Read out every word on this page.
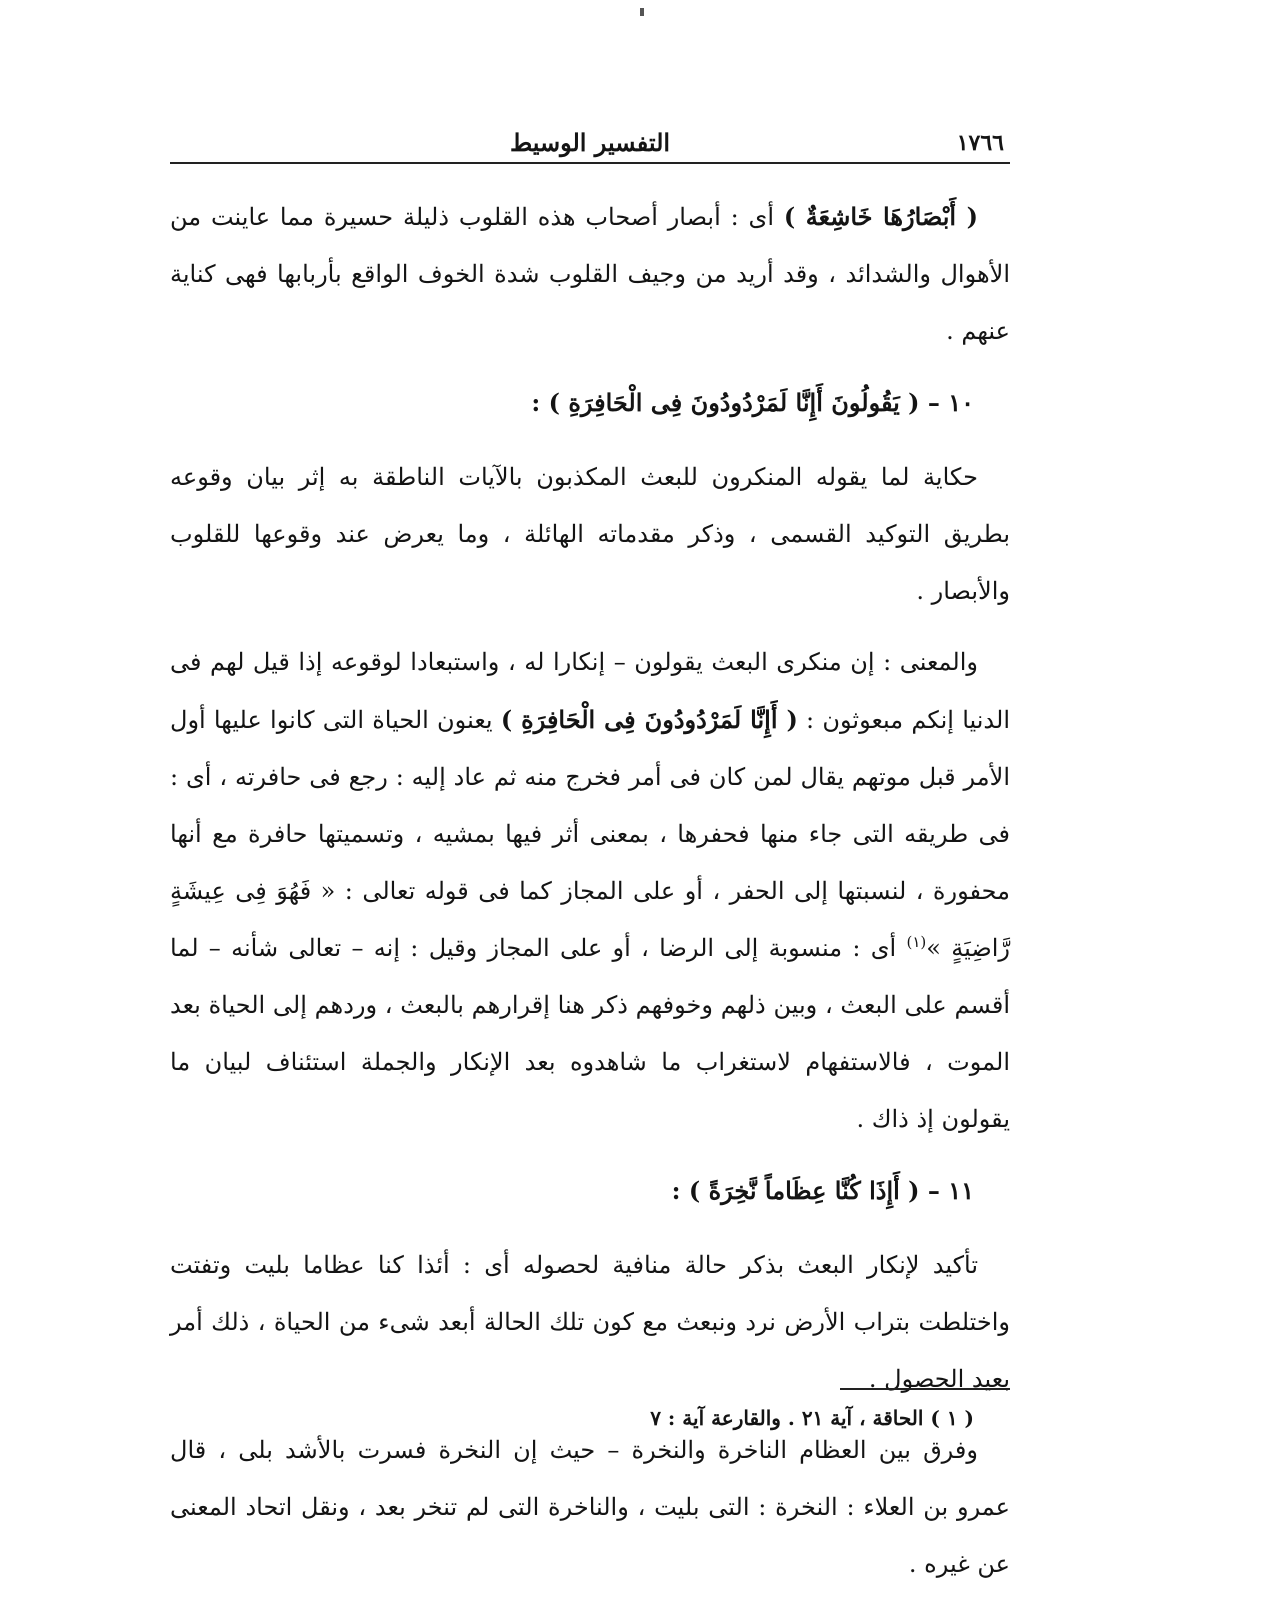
١٧٦٦
التفسير الوسيط

( أَبْصَارُهَا خَاشِعَةٌ ) أى : أبصار أصحاب هذه القلوب ذليلة حسيرة مما عاينت من الأهوال والشدائد ، وقد أريد من وجيف القلوب شدة الخوف الواقع بأربابها فهى كناية عنهم .

١٠ – ( يَقُولُونَ أَإِنَّا لَمَرْدُودُونَ فِى الْحَافِرَةِ ) :

حكاية لما يقوله المنكرون للبعث المكذبون بالآيات الناطقة به إثر بيان وقوعه بطريق التوكيد القسمى ، وذكر مقدماته الهائلة ، وما يعرض عند وقوعها للقلوب والأبصار .

والمعنى : إن منكرى البعث يقولون – إنكارا له ، واستبعادا لوقوعه إذا قيل لهم فى الدنيا إنكم مبعوثون : ( أَإِنَّا لَمَرْدُودُونَ فِى الْحَافِرَةِ ) يعنون الحياة التى كانوا عليها أول الأمر قبل موتهم يقال لمن كان فى أمر فخرج منه ثم عاد إليه : رجع فى حافرته ، أى : فى طريقه التى جاء منها فحفرها ، بمعنى أثر فيها بمشيه ، وتسميتها حافرة مع أنها محفورة ، لنسبتها إلى الحفر ، أو على المجاز كما فى قوله تعالى : « فَهُوَ فِى عِيشَةٍ رَّاضِيَةٍ »$^{(١)}$ أى : منسوبة إلى الرضا ، أو على المجاز وقيل : إنه – تعالى شأنه – لما أقسم على البعث ، وبين ذلهم وخوفهم ذكر هنا إقرارهم بالبعث ، وردهم إلى الحياة بعد الموت ، فالاستفهام لاستغراب ما شاهدوه بعد الإنكار والجملة استئناف لبيان ما يقولون إذ ذاك .

١١ – ( أَإِذَا كُنَّا عِظَاماً نَّخِرَةً ) :

تأكيد لإنكار البعث بذكر حالة منافية لحصوله أى : أئذا كنا عظاما بليت وتفتت واختلطت بتراب الأرض نرد ونبعث مع كون تلك الحالة أبعد شىء من الحياة ، ذلك أمر بعيد الحصول .

وفرق بين العظام الناخرة والنخرة – حيث إن النخرة فسرت بالأشد بلى ، قال عمرو بن العلاء : النخرة : التى بليت ، والناخرة التى لم تنخر بعد ، ونقل اتحاد المعنى عن غيره .

( ١ ) الحاقة ، آية ٢١ . والقارعة آية : ٧
